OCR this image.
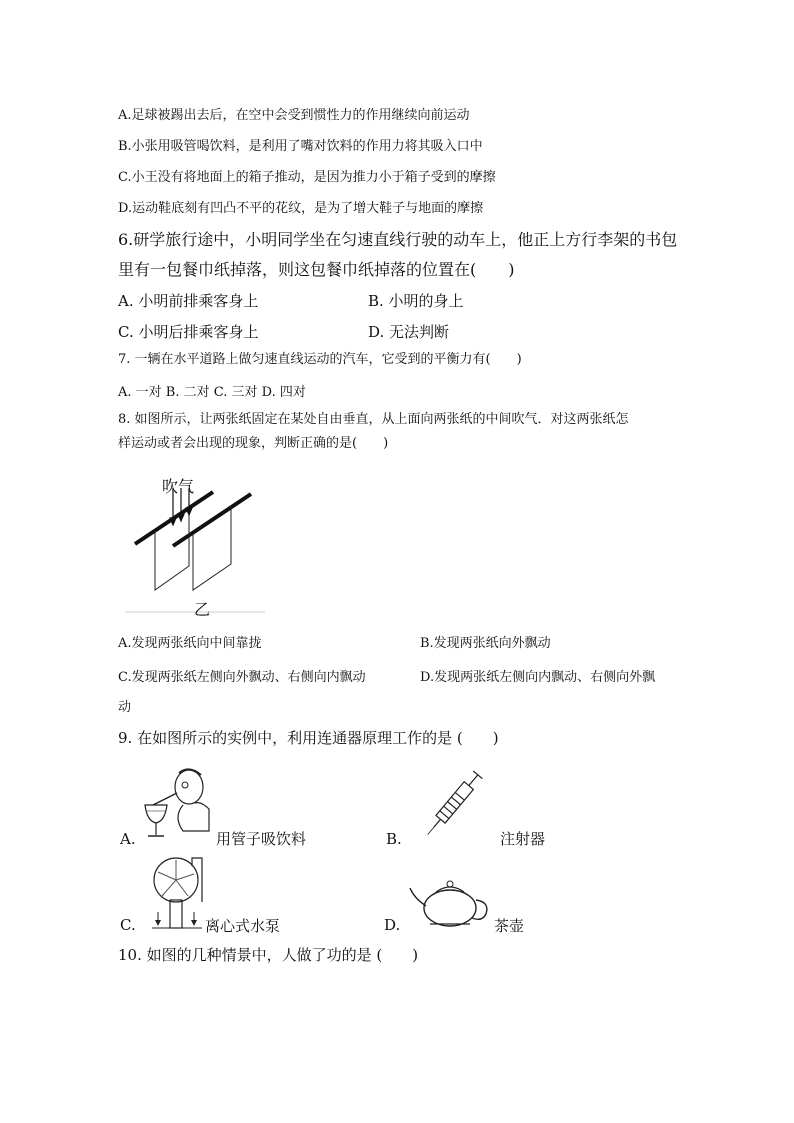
A.足球被踢出去后，在空中会受到惯性力的作用继续向前运动
B.小张用吸管喝饮料，是利用了嘴对饮料的作用力将其吸入口中
C.小王没有将地面上的箱子推动，是因为推力小于箱子受到的摩擦
D.运动鞋底刻有凹凸不平的花纹，是为了增大鞋子与地面的摩擦
6.研学旅行途中，小明同学坐在匀速直线行驶的动车上，他正上方行李架的书包
里有一包餐巾纸掉落，则这包餐巾纸掉落的位置在(　　)
A. 小明前排乘客身上	B. 小明的身上
C. 小明后排乘客身上	D. 无法判断
7. 一辆在水平道路上做匀速直线运动的汽车，它受到的平衡力有(　　)
A. 一对 B. 二对 C. 三对 D. 四对
8. 如图所示，让两张纸固定在某处自由垂直，从上面向两张纸的中间吹气．对这两张纸怎
样运动或者会出现的现象，判断正确的是(　　)
吹气
乙
A.发现两张纸向中间靠拢	B.发现两张纸向外飘动
C.发现两张纸左侧向外飘动、右侧向内飘动	D.发现两张纸左侧向内飘动、右侧向外飘
动
9. 在如图所示的实例中，利用连通器原理工作的是 (　　)
A.	用管子吸饮料	B.	注射器
C.	离心式水泵	D.	茶壶
10. 如图的几种情景中，人做了功的是 (　　)
